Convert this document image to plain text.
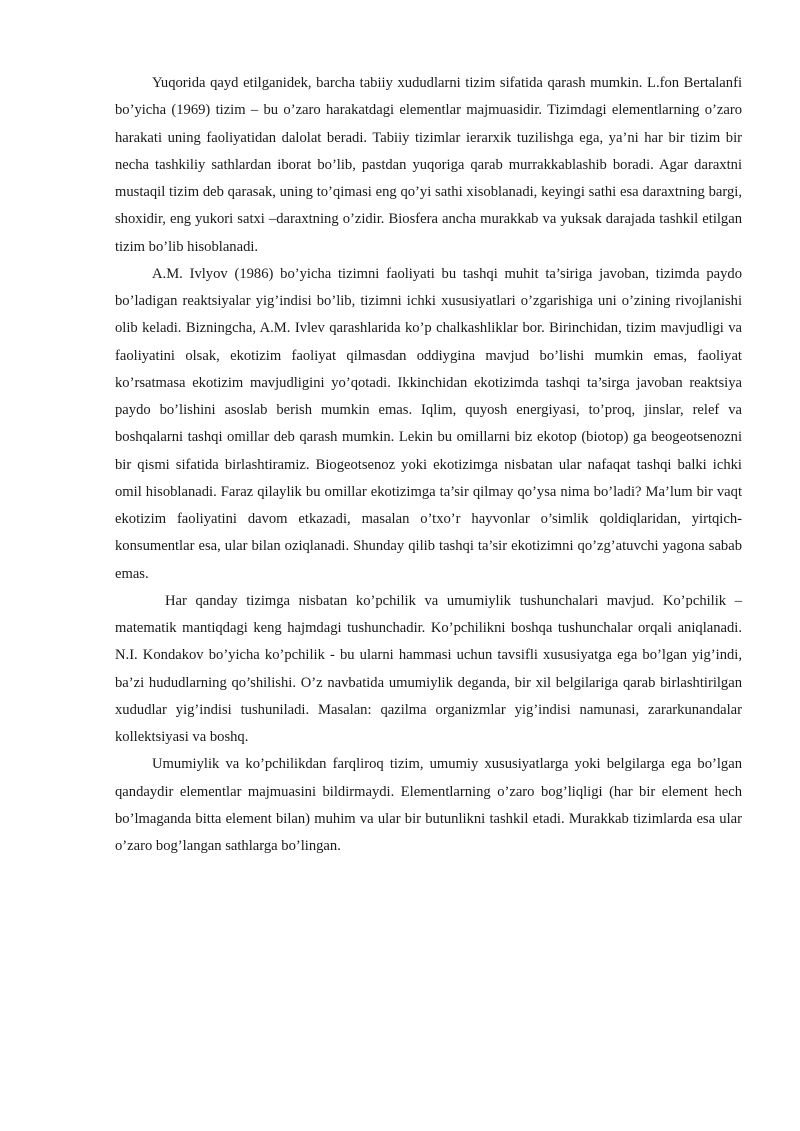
Yuqorida qayd etilganidek, barcha tabiiy xududlarni tizim sifatida qarash mumkin. L.fon Bertalanfi bo’yicha (1969) tizim – bu o’zaro harakatdagi elementlar majmuasidir. Tizimdagi elementlarning o’zaro harakati uning faoliyatidan dalolat beradi. Tabiiy tizimlar ierarxik tuzilishga ega, ya’ni har bir tizim bir necha tashkiliy sathlardan iborat bo’lib, pastdan yuqoriga qarab murrakkablashib boradi. Agar daraxtni mustaqil tizim deb qarasak, uning to’qimasi eng qo’yi sathi xisoblanadi, keyingi sathi esa daraxtning bargi, shoxidir, eng yukori satxi –daraxtning o’zidir. Biosfera ancha murakkab va yuksak darajada tashkil etilgan tizim bo’lib hisoblanadi.

A.M. Ivlyov (1986) bo’yicha tizimni faoliyati bu tashqi muhit ta’siriga javoban, tizimda paydo bo’ladigan reaktsiyalar yig’indisi bo’lib, tizimni ichki xususiyatlari o’zgarishiga uni o’zining rivojlanishi olib keladi. Bizningcha, A.M. Ivlev qarashlarida ko’p chalkashliklar bor. Birinchidan, tizim mavjudligi va faoliyatini olsak, ekotizim faoliyat qilmasdan oddiygina mavjud bo’lishi mumkin emas, faoliyat ko’rsatmasa ekotizim mavjudligini yo’qotadi. Ikkinchidan ekotizimda tashqi ta’sirga javoban reaktsiya paydo bo’lishini asoslab berish mumkin emas. Iqlim, quyosh energiyasi, to’proq, jinslar, relef va boshqalarni tashqi omillar deb qarash mumkin. Lekin bu omillarni biz ekotop (biotop) ga beogeotsenozni bir qismi sifatida birlashtiramiz. Biogeotsenoz yoki ekotizimga nisbatan ular nafaqat tashqi balki ichki omil hisoblanadi. Faraz qilaylik bu omillar ekotizimga ta’sir qilmay qo’ysa nima bo’ladi? Ma’lum bir vaqt ekotizim faoliyatini davom etkazadi, masalan o’txo’r hayvonlar o’simlik qoldiqlaridan, yirtqich-konsumentlar esa, ular bilan oziqlanadi. Shunday qilib tashqi ta’sir ekotizimni qo’zg’atuvchi yagona sabab emas.

Har qanday tizimga nisbatan ko’pchilik va umumiylik tushunchalari mavjud. Ko’pchilik – matematik mantiqdagi keng hajmdagi tushunchadir. Ko’pchilikni boshqa tushunchalar orqali aniqlanadi. N.I. Kondakov bo’yicha ko’pchilik - bu ularni hammasi uchun tavsifli xususiyatga ega bo’lgan yig’indi, ba’zi hududlarning qo’shilishi. O’z navbatida umumiylik deganda, bir xil belgilariga qarab birlashtirilgan xududlar yig’indisi tushuniladi. Masalan: qazilma organizmlar yig’indisi namunasi, zararkunandalar kollektsiyasi va boshq.

Umumiylik va ko’pchilikdan farqliroq tizim, umumiy xususiyatlarga yoki belgilarga ega bo’lgan qandaydir elementlar majmuasini bildirmaydi. Elementlarning o’zaro bog’liqligi (har bir element hech bo’lmaganda bitta element bilan) muhim va ular bir butunlikni tashkil etadi. Murakkab tizimlarda esa ular o’zaro bog’langan sathlarga bo’lingan.
